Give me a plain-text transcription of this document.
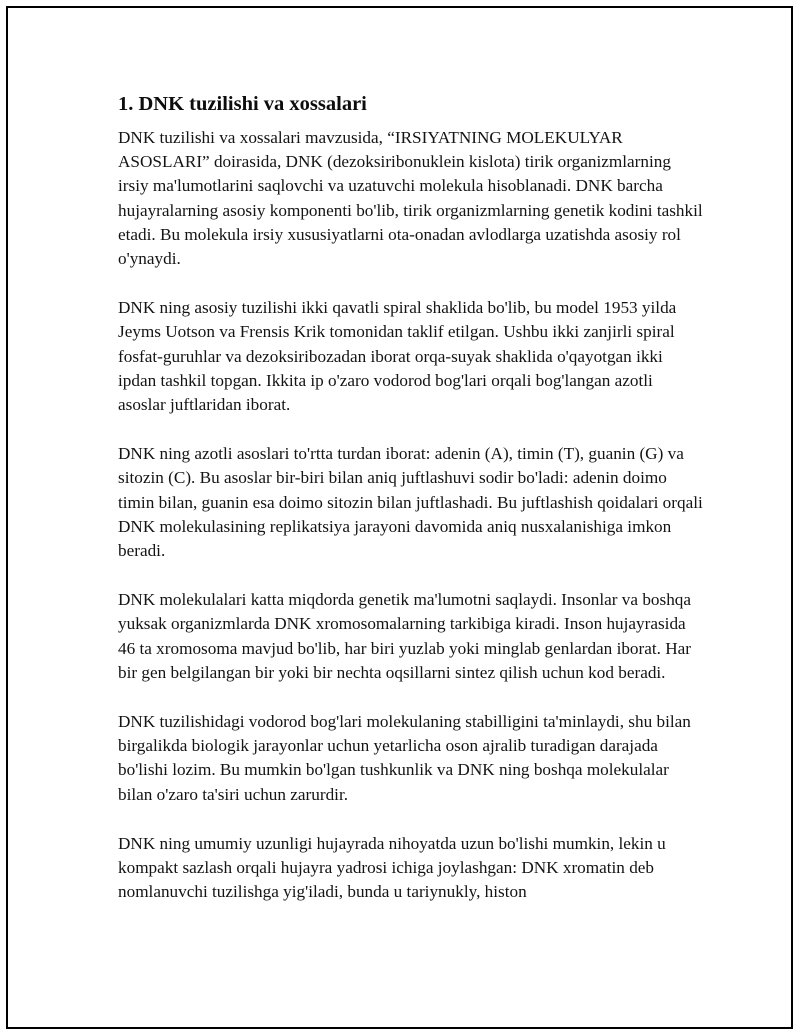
1. DNK tuzilishi va xossalari

DNK tuzilishi va xossalari mavzusida, “IRSIYATNING MOLEKULYAR ASOSLARI” doirasida, DNK (dezoksiribonuklein kislota) tirik organizmlarning irsiy ma'lumotlarini saqlovchi va uzatuvchi molekula hisoblanadi. DNK barcha hujayralarning asosiy komponenti bo'lib, tirik organizmlarning genetik kodini tashkil etadi. Bu molekula irsiy xususiyatlarni ota-onadan avlodlarga uzatishda asosiy rol o'ynaydi.

DNK ning asosiy tuzilishi ikki qavatli spiral shaklida bo'lib, bu model 1953 yilda Jeyms Uotson va Frensis Krik tomonidan taklif etilgan. Ushbu ikki zanjirli spiral fosfat-guruhlar va dezoksiribozadan iborat orqa-suyak shaklida o'qayotgan ikki ipdan tashkil topgan. Ikkita ip o'zaro vodorod bog'lari orqali bog'langan azotli asoslar juftlaridan iborat.

DNK ning azotli asoslari to'rtta turdan iborat: adenin (A), timin (T), guanin (G) va sitozin (C). Bu asoslar bir-biri bilan aniq juftlashuvi sodir bo'ladi: adenin doimo timin bilan, guanin esa doimo sitozin bilan juftlashadi. Bu juftlashish qoidalari orqali DNK molekulasining replikatsiya jarayoni davomida aniq nusxalanishiga imkon beradi.

DNK molekulalari katta miqdorda genetik ma'lumotni saqlaydi. Insonlar va boshqa yuksak organizmlarda DNK xromosomalarning tarkibiga kiradi. Inson hujayrasida 46 ta xromosoma mavjud bo'lib, har biri yuzlab yoki minglab genlardan iborat. Har bir gen belgilangan bir yoki bir nechta oqsillarni sintez qilish uchun kod beradi.

DNK tuzilishidagi vodorod bog'lari molekulaning stabilligini ta'minlaydi, shu bilan birgalikda biologik jarayonlar uchun yetarlicha oson ajralib turadigan darajada bo'lishi lozim. Bu mumkin bo'lgan tushkunlik va DNK ning boshqa molekulalar bilan o'zaro ta'siri uchun zarurdir.

DNK ning umumiy uzunligi hujayrada nihoyatda uzun bo'lishi mumkin, lekin u kompakt sazlash orqali hujayra yadrosi ichiga joylashgan: DNK xromatin deb nomlanuvchi tuzilishga yig'iladi, bunda u tariynukly, histon
